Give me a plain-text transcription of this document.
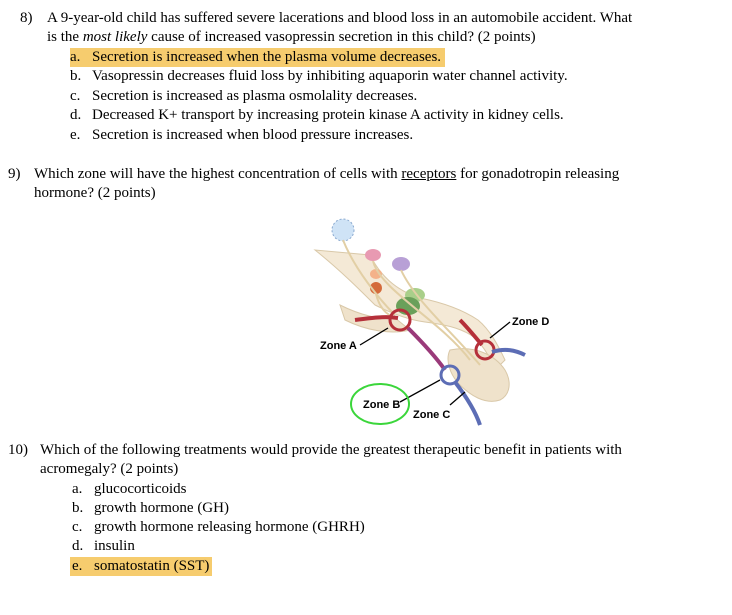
8) A 9-year-old child has suffered severe lacerations and blood loss in an automobile accident. What
is the most likely cause of increased vasopressin secretion in this child? (2 points)
a. Secretion is increased when the plasma volume decreases.
b. Vasopressin decreases fluid loss by inhibiting aquaporin water channel activity.
c. Secretion is increased as plasma osmolality decreases.
d. Decreased K+ transport by increasing protein kinase A activity in kidney cells.
e. Secretion is increased when blood pressure increases.
9) Which zone will have the highest concentration of cells with receptors for gonadotropin releasing
hormone? (2 points)
Zone A
Zone D
Zone B
Zone C
10) Which of the following treatments would provide the greatest therapeutic benefit in patients with
acromegaly? (2 points)
a. glucocorticoids
b. growth hormone (GH)
c. growth hormone releasing hormone (GHRH)
d. insulin
e. somatostatin (SST)
